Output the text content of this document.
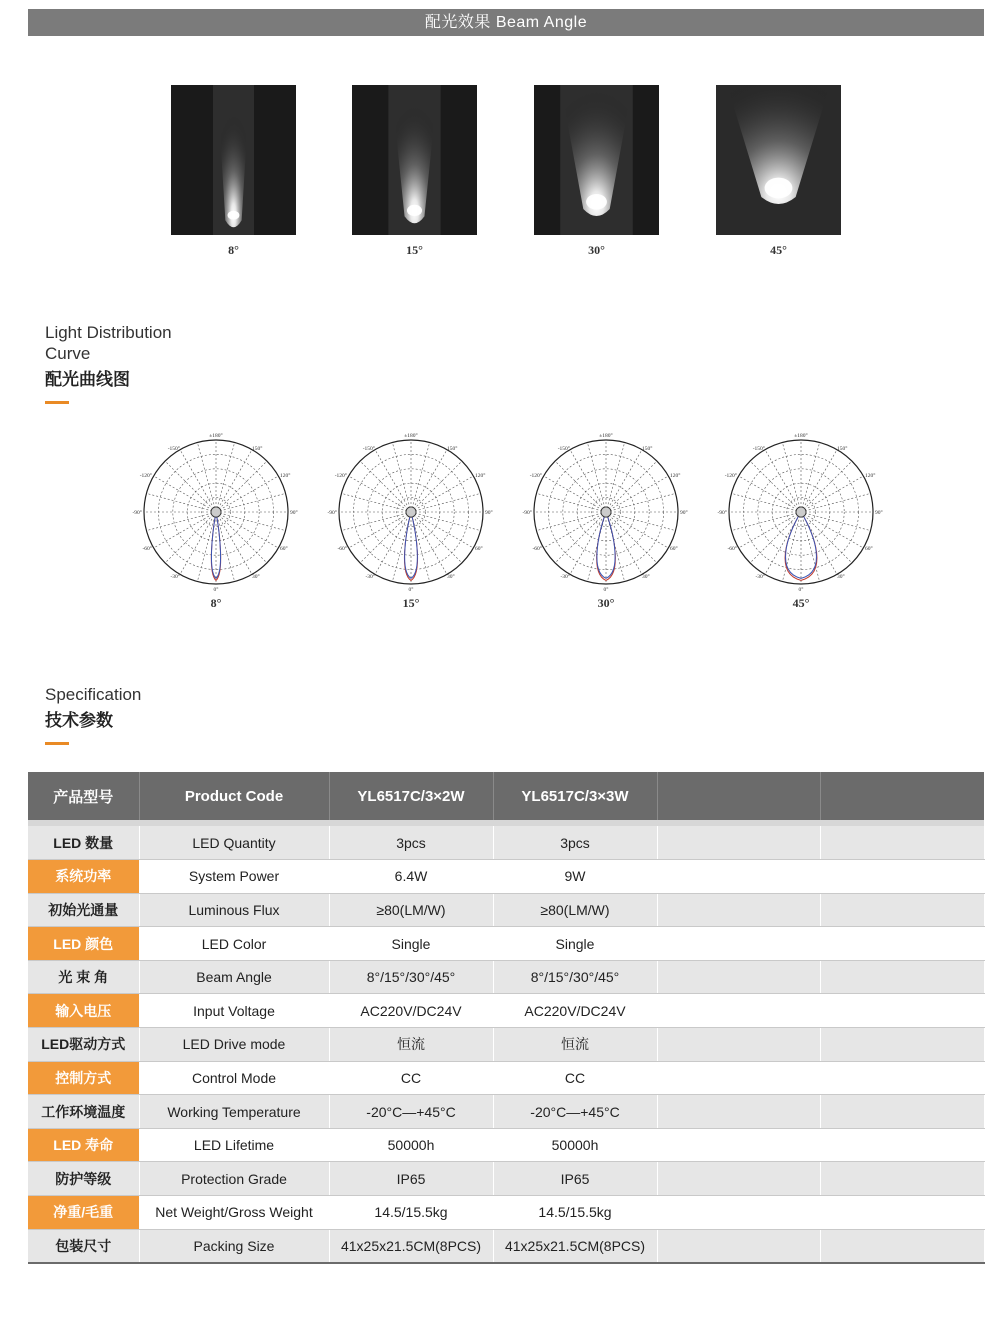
配光效果 Beam Angle
8°	15°	30°	45°
Light Distribution
Curve
配光曲线图
±180°
-150°	150°
-120°	120°
-90°	90°
-60°	60°
-30°	30°
0°
8°
±180°
-150°	150°
-120°	120°
-90°	90°
-60°	60°
-30°	30°
0°
15°
±180°
-150°	150°
-120°	120°
-90°	90°
-60°	60°
-30°	30°
0°
30°
±180°
-150°	150°
-120°	120°
-90°	90°
-60°	60°
-30°	30°
0°
45°
Specification
技术参数
产品型号	Product Code	YL6517C/3×2W	YL6517C/3×3W		

LED 数量	LED Quantity	3pcs	3pcs		
系统功率	System Power	6.4W	9W		
初始光通量	Luminous Flux	≥80(LM/W)	≥80(LM/W)		
LED 颜色	LED Color	Single	Single		
光 束 角	Beam Angle	8°/15°/30°/45°	8°/15°/30°/45°		
输入电压	Input Voltage	AC220V/DC24V	AC220V/DC24V		
LED驱动方式	LED Drive mode	恒流	恒流		
控制方式	Control Mode	CC	CC		
工作环境温度	Working Temperature	-20°C—+45°C	-20°C—+45°C		
LED 寿命	LED Lifetime	50000h	50000h		
防护等级	Protection Grade	IP65	IP65		
净重/毛重	Net Weight/Gross Weight	14.5/15.5kg	14.5/15.5kg		
包装尺寸	Packing Size	41x25x21.5CM(8PCS)	41x25x21.5CM(8PCS)		
